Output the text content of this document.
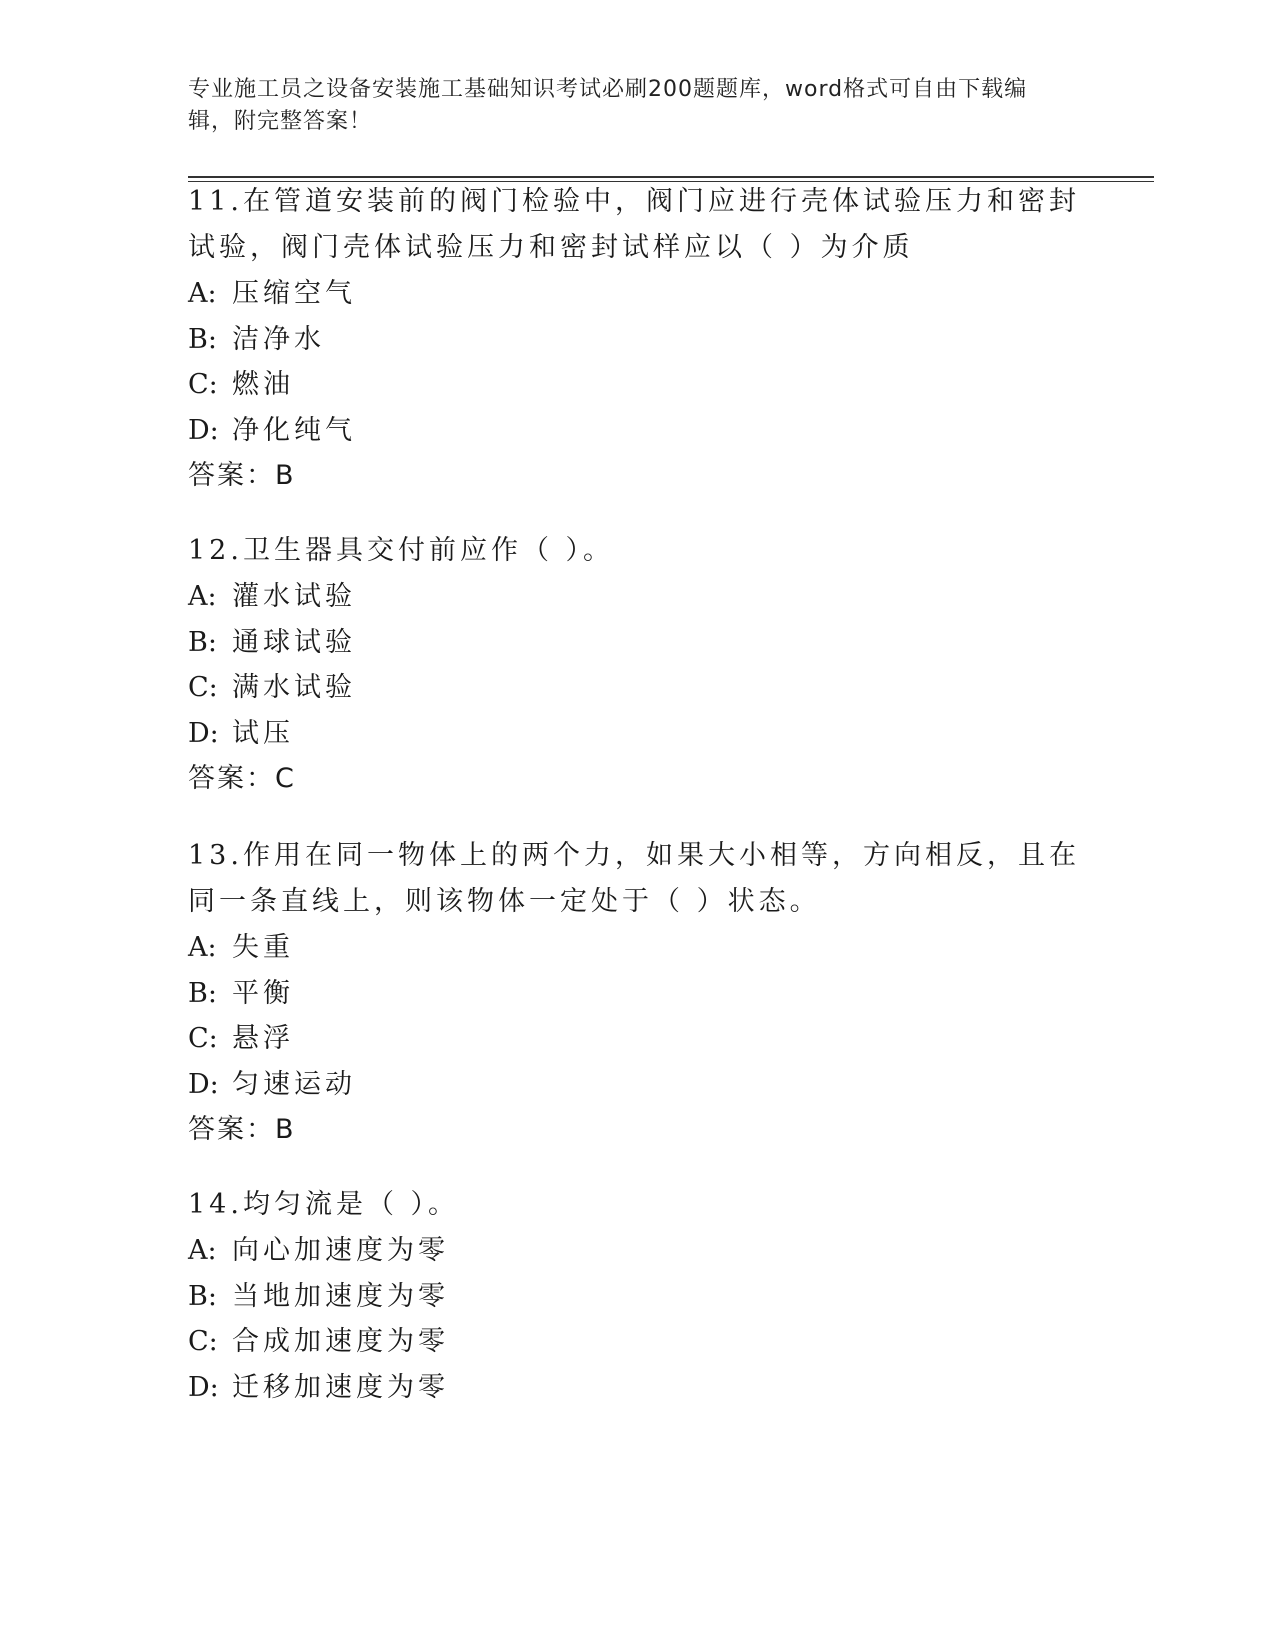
专业施工员之设备安装施工基础知识考试必刷200题题库，word格式可自由下载编辑，附完整答案！

11.在管道安装前的阀门检验中，阀门应进行壳体试验压力和密封试验，阀门壳体试验压力和密封试样应以（ ）为介质

A: 压缩空气

B: 洁净水

C: 燃油

D: 净化纯气

答案：B

12.卫生器具交付前应作（ ）。

A: 灌水试验

B: 通球试验

C: 满水试验

D: 试压

答案：C

13.作用在同一物体上的两个力，如果大小相等，方向相反，且在同一条直线上，则该物体一定处于（ ）状态。

A: 失重

B: 平衡

C: 悬浮

D: 匀速运动

答案：B

14.均匀流是（ ）。

A: 向心加速度为零

B: 当地加速度为零

C: 合成加速度为零

D: 迁移加速度为零
